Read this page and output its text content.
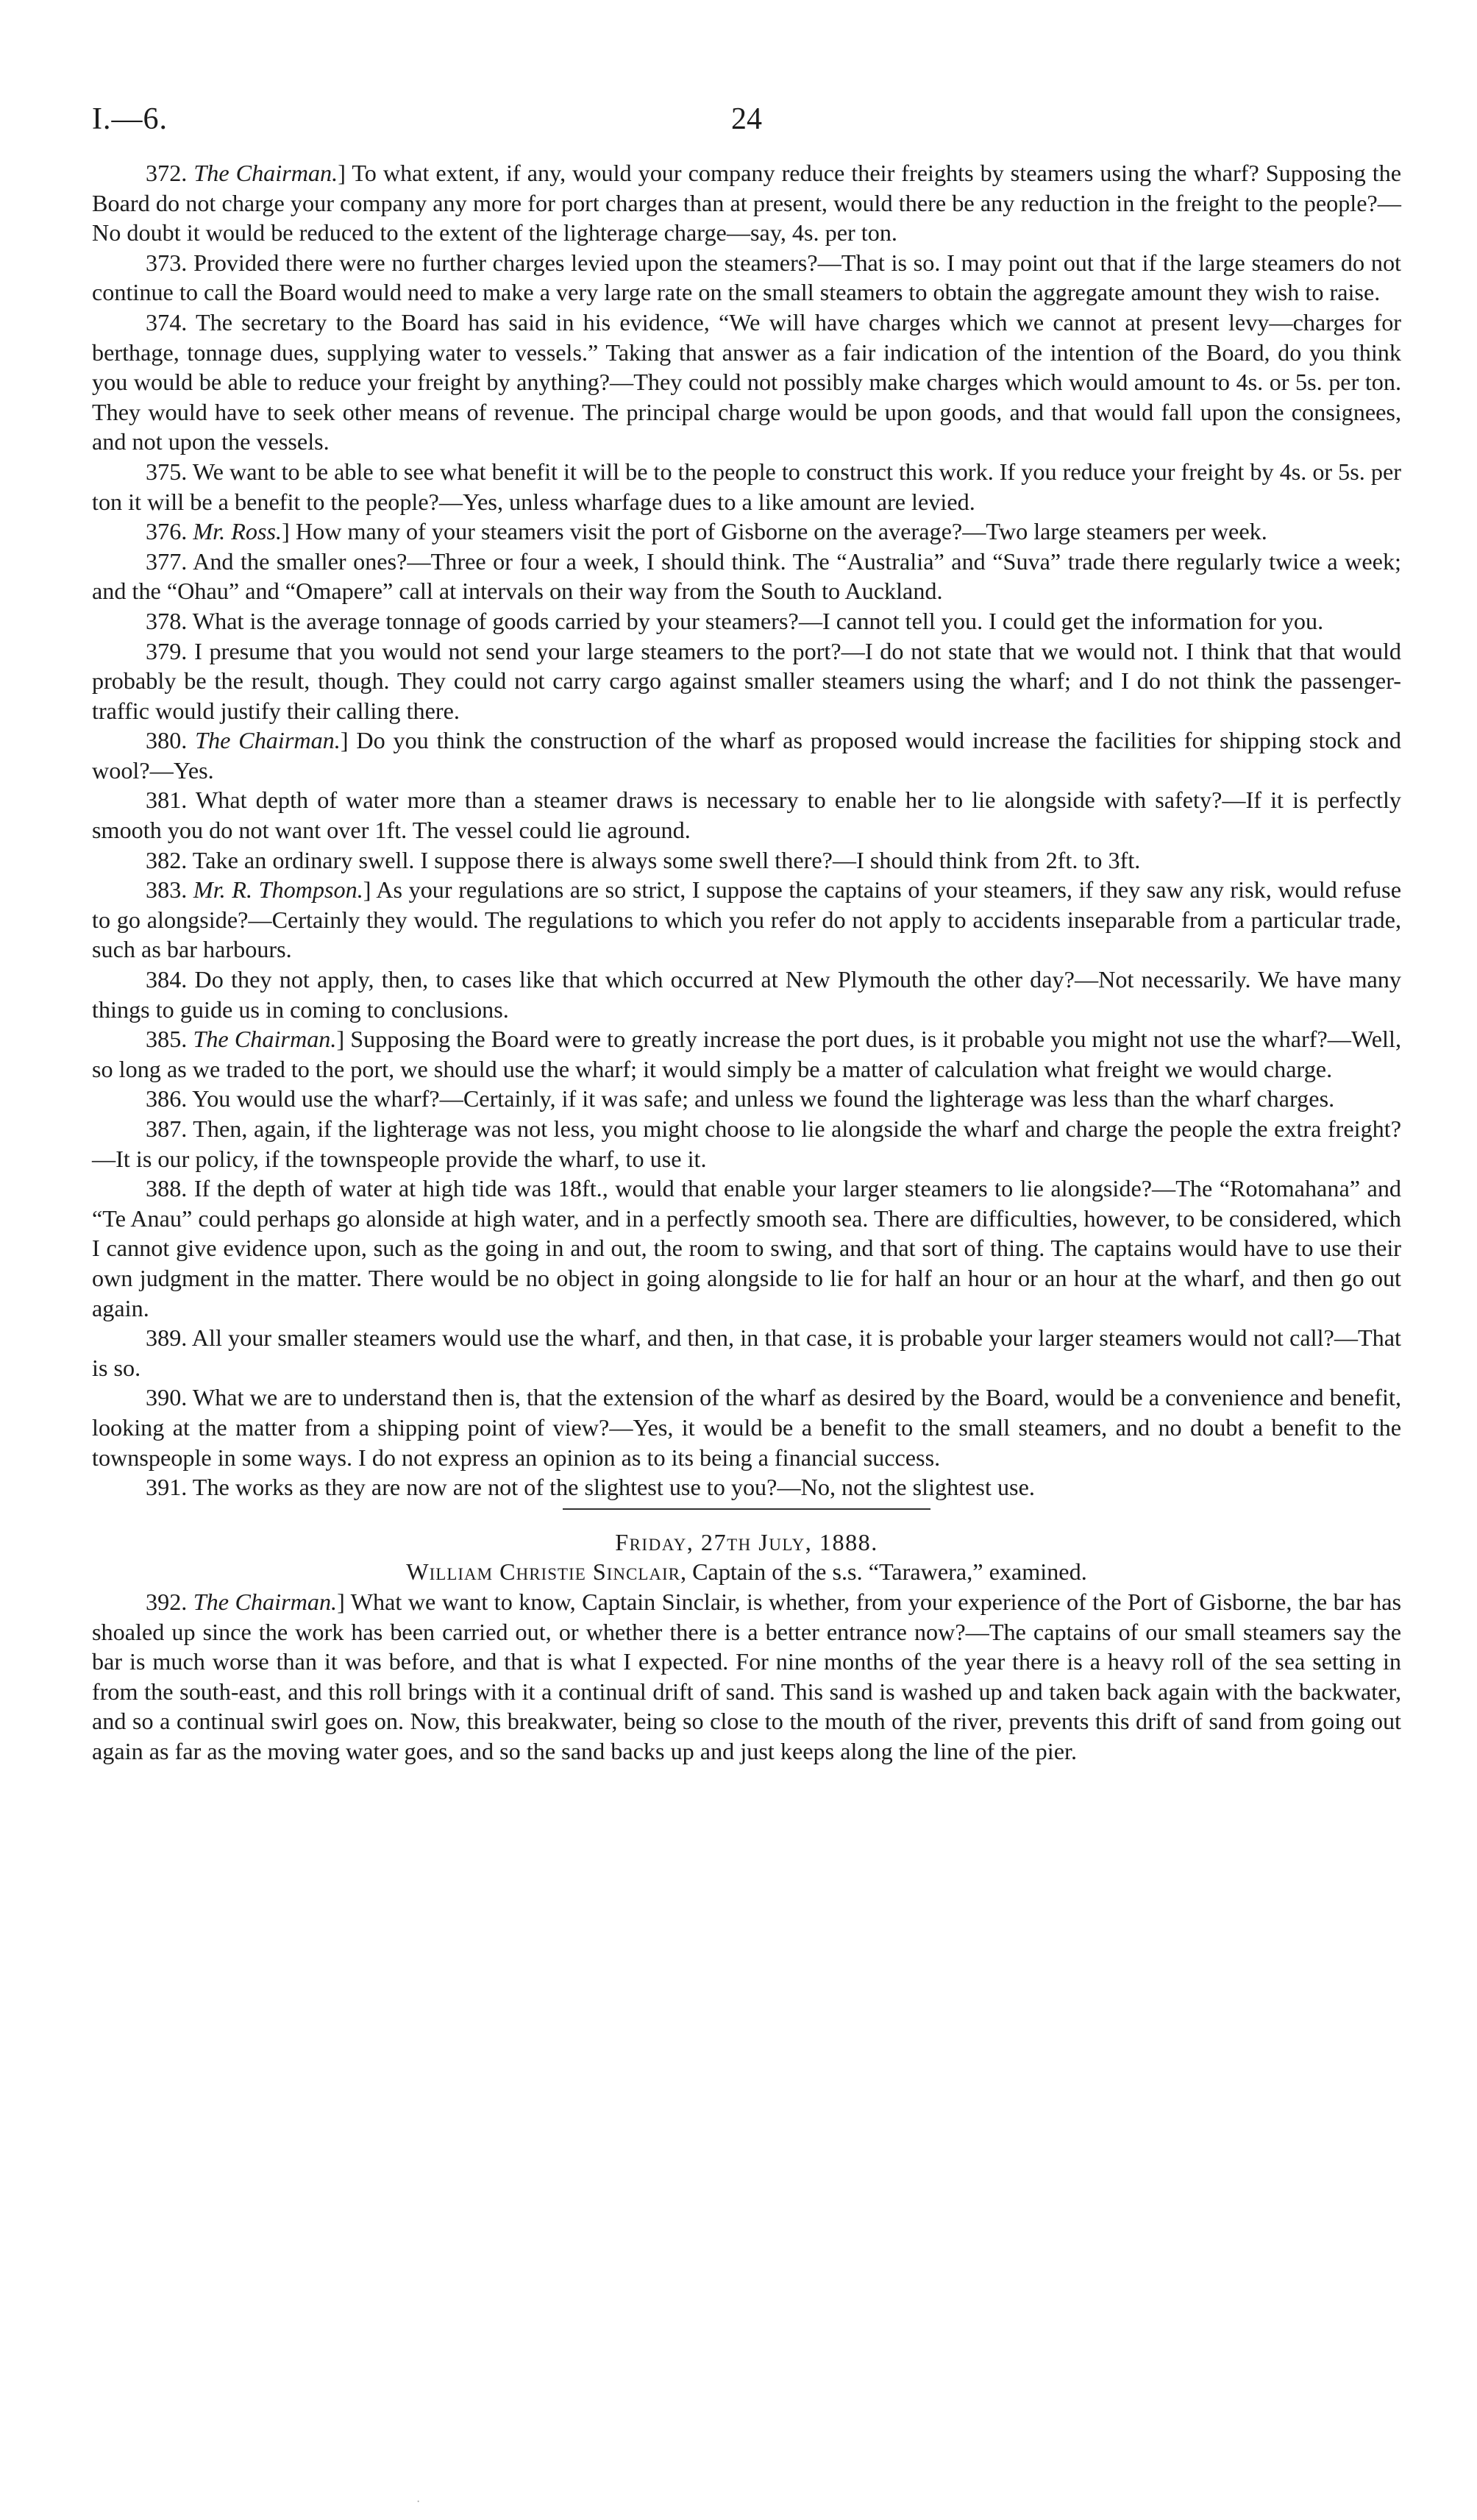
I.—6.	24

372. The Chairman.] To what extent, if any, would your company reduce their freights by steamers using the wharf? Supposing the Board do not charge your company any more for port charges than at present, would there be any reduction in the freight to the people?—No doubt it would be reduced to the extent of the lighterage charge—say, 4s. per ton.

373. Provided there were no further charges levied upon the steamers?—That is so. I may point out that if the large steamers do not continue to call the Board would need to make a very large rate on the small steamers to obtain the aggregate amount they wish to raise.

374. The secretary to the Board has said in his evidence, “We will have charges which we cannot at present levy—charges for berthage, tonnage dues, supplying water to vessels.” Taking that answer as a fair indication of the intention of the Board, do you think you would be able to reduce your freight by anything?—They could not possibly make charges which would amount to 4s. or 5s. per ton. They would have to seek other means of revenue. The principal charge would be upon goods, and that would fall upon the consignees, and not upon the vessels.

375. We want to be able to see what benefit it will be to the people to construct this work. If you reduce your freight by 4s. or 5s. per ton it will be a benefit to the people?—Yes, unless wharfage dues to a like amount are levied.

376. Mr. Ross.] How many of your steamers visit the port of Gisborne on the average?—Two large steamers per week.

377. And the smaller ones?—Three or four a week, I should think. The “Australia” and “Suva” trade there regularly twice a week; and the “Ohau” and “Omapere” call at intervals on their way from the South to Auckland.

378. What is the average tonnage of goods carried by your steamers?—I cannot tell you. I could get the information for you.

379. I presume that you would not send your large steamers to the port?—I do not state that we would not. I think that that would probably be the result, though. They could not carry cargo against smaller steamers using the wharf; and I do not think the passenger-traffic would justify their calling there.

380. The Chairman.] Do you think the construction of the wharf as proposed would increase the facilities for shipping stock and wool?—Yes.

381. What depth of water more than a steamer draws is necessary to enable her to lie alongside with safety?—If it is perfectly smooth you do not want over 1ft. The vessel could lie aground.

382. Take an ordinary swell. I suppose there is always some swell there?—I should think from 2ft. to 3ft.

383. Mr. R. Thompson.] As your regulations are so strict, I suppose the captains of your steamers, if they saw any risk, would refuse to go alongside?—Certainly they would. The regulations to which you refer do not apply to accidents inseparable from a particular trade, such as bar harbours.

384. Do they not apply, then, to cases like that which occurred at New Plymouth the other day?—Not necessarily. We have many things to guide us in coming to conclusions.

385. The Chairman.] Supposing the Board were to greatly increase the port dues, is it probable you might not use the wharf?—Well, so long as we traded to the port, we should use the wharf; it would simply be a matter of calculation what freight we would charge.

386. You would use the wharf?—Certainly, if it was safe; and unless we found the lighterage was less than the wharf charges.

387. Then, again, if the lighterage was not less, you might choose to lie alongside the wharf and charge the people the extra freight?—It is our policy, if the townspeople provide the wharf, to use it.

388. If the depth of water at high tide was 18ft., would that enable your larger steamers to lie alongside?—The “Rotomahana” and “Te Anau” could perhaps go alonside at high water, and in a perfectly smooth sea. There are difficulties, however, to be considered, which I cannot give evidence upon, such as the going in and out, the room to swing, and that sort of thing. The captains would have to use their own judgment in the matter. There would be no object in going alongside to lie for half an hour or an hour at the wharf, and then go out again.

389. All your smaller steamers would use the wharf, and then, in that case, it is probable your larger steamers would not call?—That is so.

390. What we are to understand then is, that the extension of the wharf as desired by the Board, would be a convenience and benefit, looking at the matter from a shipping point of view?—Yes, it would be a benefit to the small steamers, and no doubt a benefit to the townspeople in some ways. I do not express an opinion as to its being a financial success.

391. The works as they are now are not of the slightest use to you?—No, not the slightest use.

Friday, 27th July, 1888.

William Christie Sinclair, Captain of the s.s. “Tarawera,” examined.

392. The Chairman.] What we want to know, Captain Sinclair, is whether, from your experience of the Port of Gisborne, the bar has shoaled up since the work has been carried out, or whether there is a better entrance now?—The captains of our small steamers say the bar is much worse than it was before, and that is what I expected. For nine months of the year there is a heavy roll of the sea setting in from the south-east, and this roll brings with it a continual drift of sand. This sand is washed up and taken back again with the backwater, and so a continual swirl goes on. Now, this breakwater, being so close to the mouth of the river, prevents this drift of sand from going out again as far as the moving water goes, and so the sand backs up and just keeps along the line of the pier.

·
